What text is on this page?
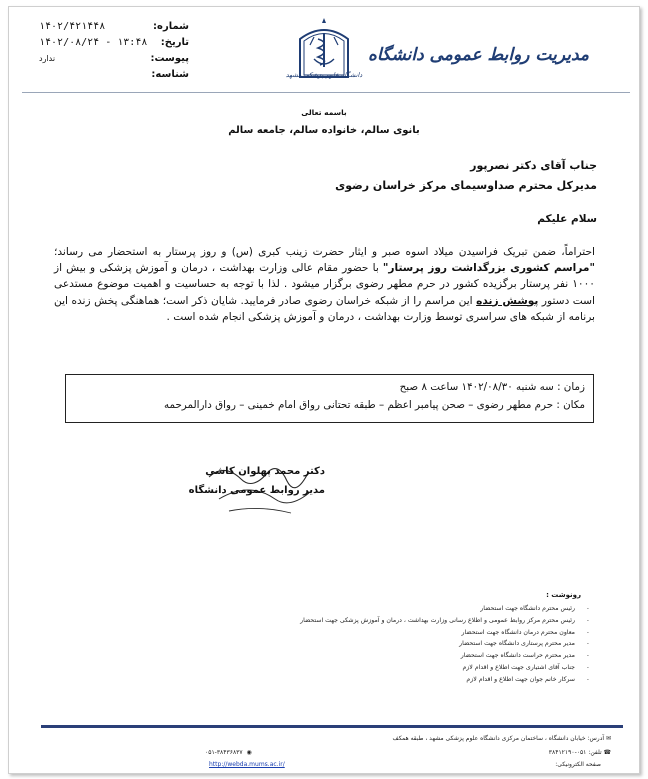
مدیریت روابط عمومی دانشگاه
دانشگاه علوم پزشکی مشهد
۱۴۰۲/۴۲۱۴۴۸	شماره:
۱۴۰۲/۰۸/۲۴ - ۱۳:۴۸ تاریخ:
ندارد	پیوست:
شناسه:
باسمه تعالی
بانوی سالم، خانواده سالم، جامعه سالم
جناب آقای دکتر نصرپور
مدیرکل محترم صداوسیمای مرکز خراسان رضوی
سلام علیکم
احتراماً، ضمن تبریک فراسیدن میلاد اسوه صبر و ایثار حضرت زینب کبری (س) و روز پرستار به استحضار می رساند؛ "مراسم کشوری بزرگداشت روز پرستار" با حضور مقام عالی وزارت بهداشت ، درمان و آموزش پزشکی و بیش از ۱۰۰۰ نفر پرستار برگزیده کشور در حرم مطهر رضوی برگزار میشود . لذا با توجه به حساسیت و اهمیت موضوع مستدعی است دستور پوشش زنده این مراسم را از شبکه خراسان رضوی صادر فرمایید. شایان ذکر است؛ هماهنگی پخش زنده این برنامه از شبکه های سراسری توسط وزارت بهداشت ، درمان و آموزش پزشکی انجام شده است .
زمان : سه شنبه ۱۴۰۲/۰۸/۳۰ ساعت ۸ صبح
مکان : حرم مطهر رضوی – صحن پیامبر اعظم – طبقه تحتانی رواق امام خمینی – رواق دارالمرحمه
دکتر محمد پهلوان کاشی
مدیر روابط عمومی دانشگاه
رونوشت :
-
رئیس محترم دانشگاه جهت استحضار
-
رئیس محترم مرکز روابط عمومی و اطلاع رسانی وزارت بهداشت ، درمان و آموزش پزشکی جهت استحضار
-
معاون محترم درمان دانشگاه جهت استحضار
-
مدیر محترم پرستاری دانشگاه جهت استحضار
-
مدیر محترم حراست دانشگاه جهت استحضار
-
جناب آقای اشتیاری جهت اطلاع و اقدام لازم
-
سرکار خانم جوان جهت اطلاع و اقدام لازم
✉ آدرس: خیابان دانشگاه ، ساختمان مرکزی دانشگاه علوم پزشکی مشهد ، طبقه همکف
☎ تلفن: ۰۵۱-۳۸۴۱۲۱۹۰
صفحه الکترونیکی:
۰۵۱-۳۸۴۳۶۸۳۷ ◉
http://webda.mums.ac.ir/
